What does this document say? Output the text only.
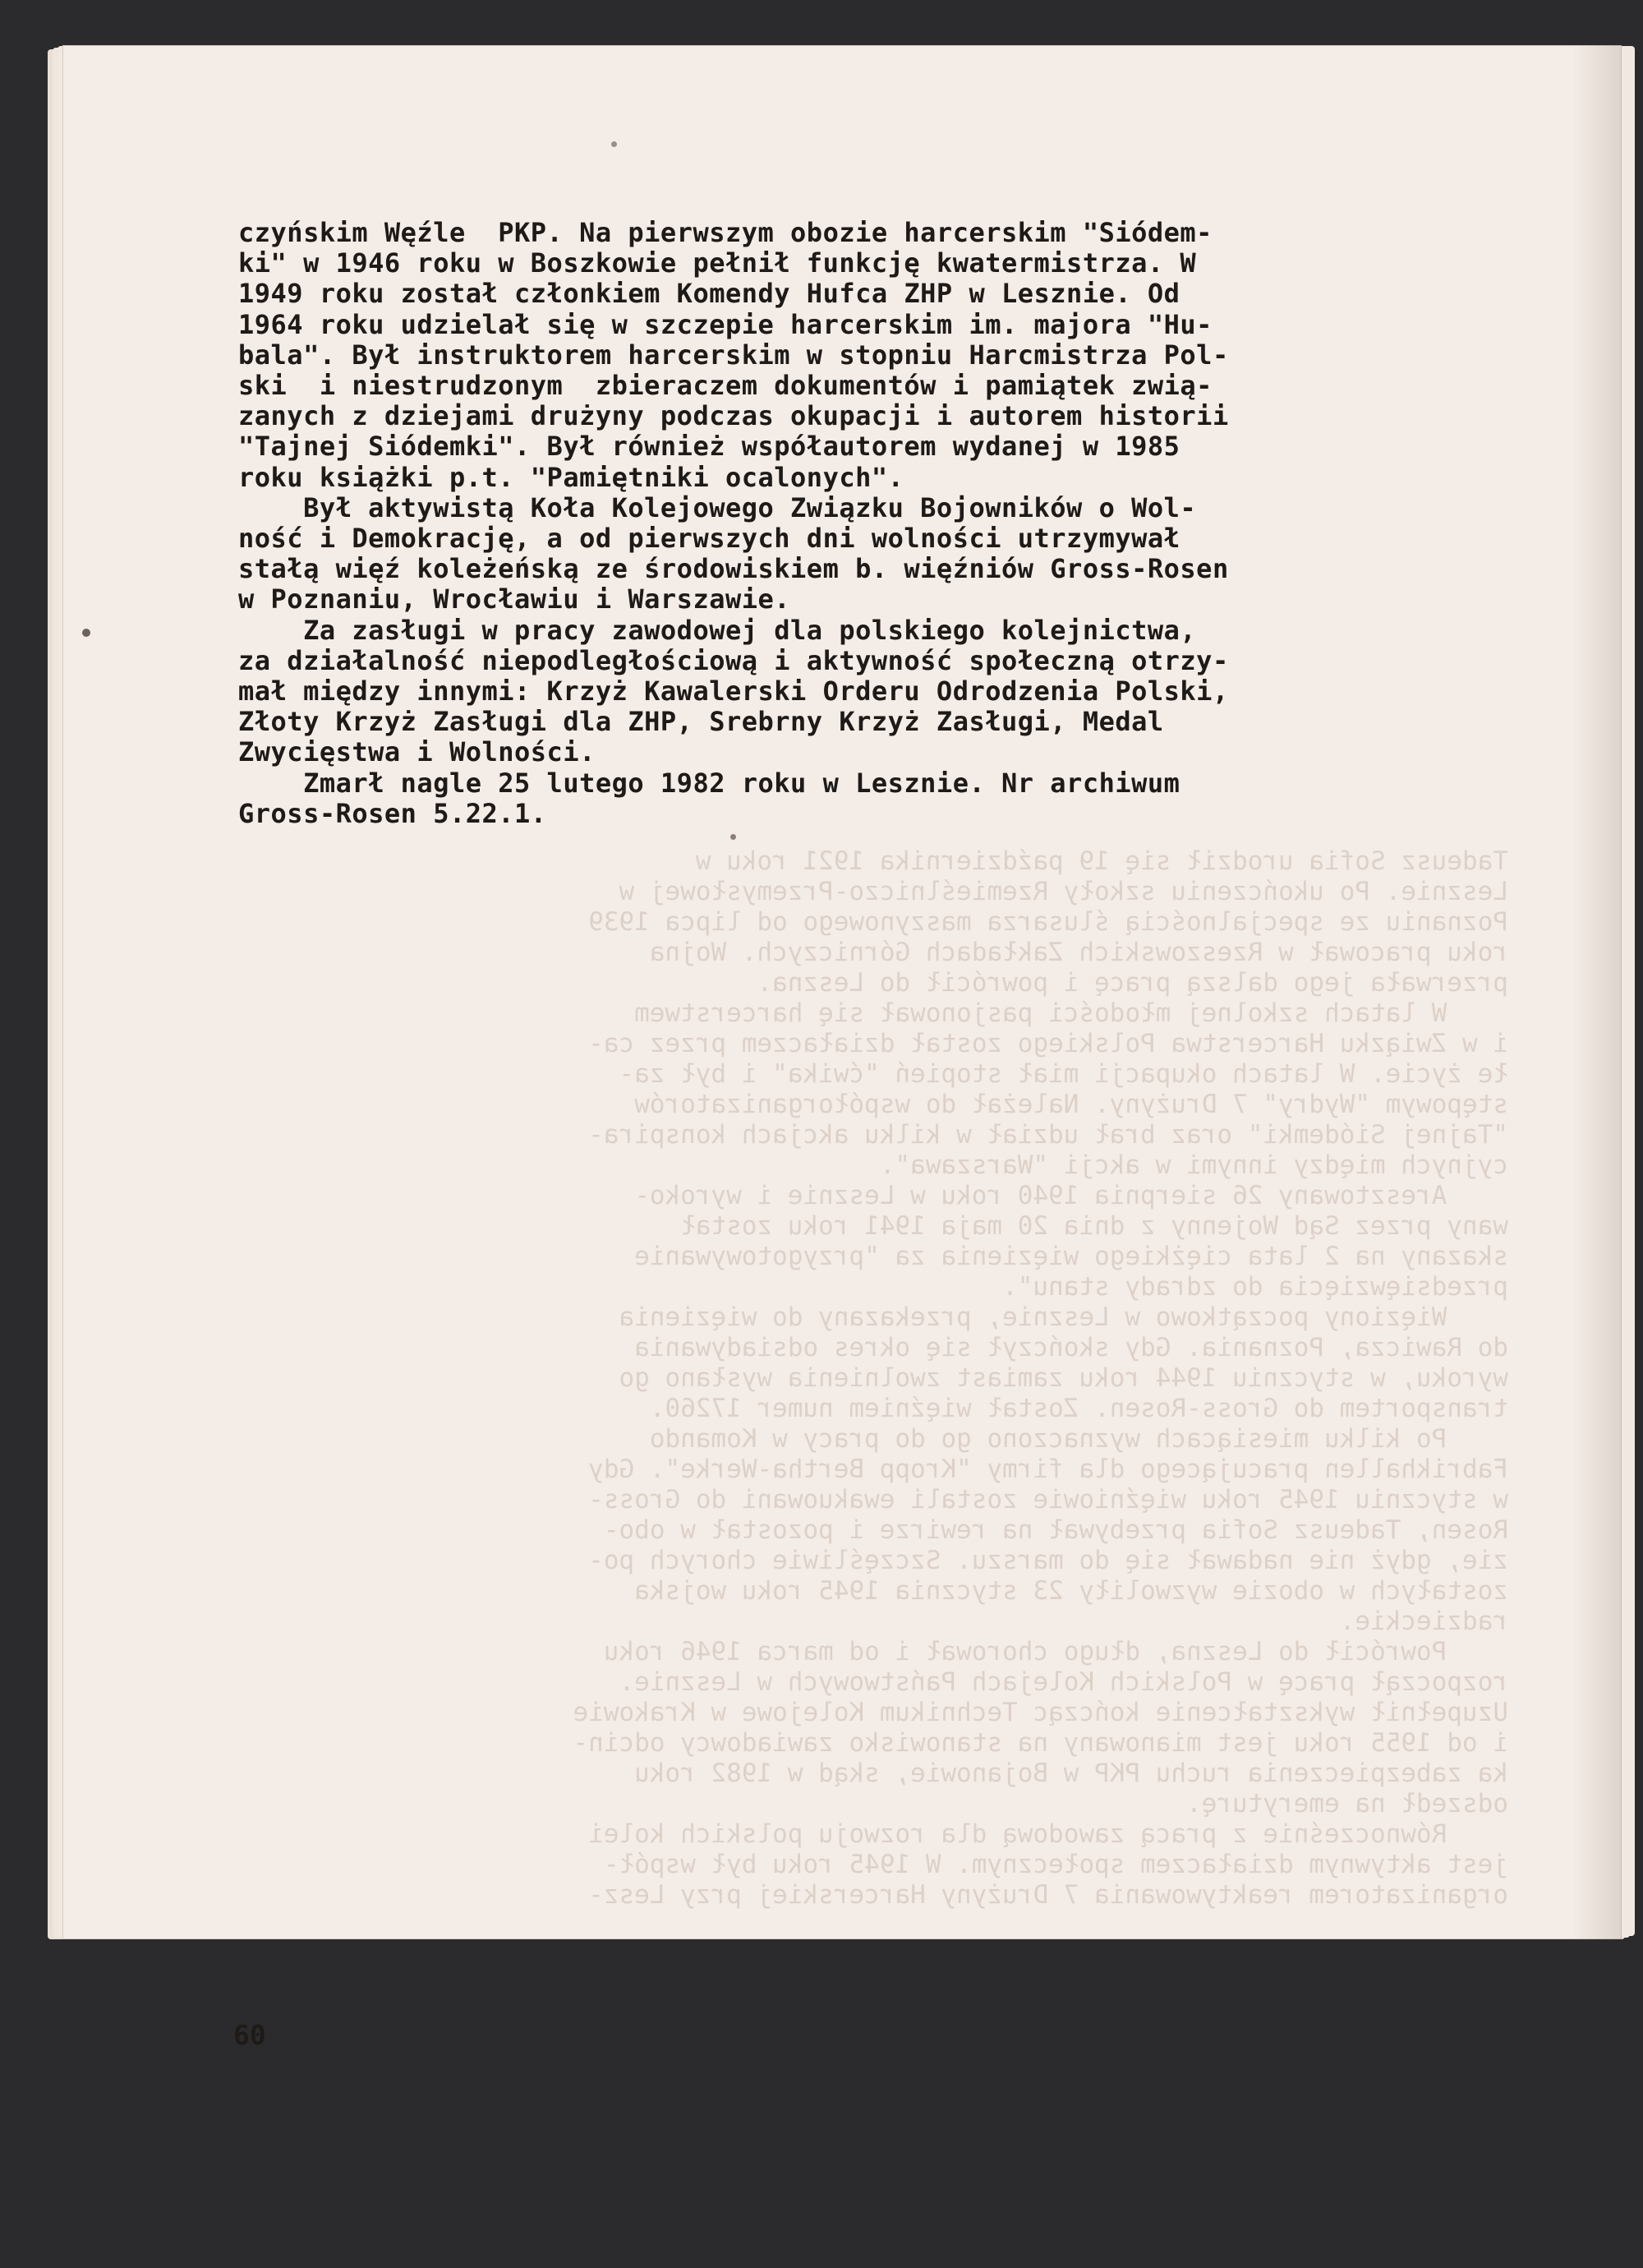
Tadeusz Sofia urodził się 19 października 1921 roku w
Lesznie. Po ukończeniu szkoły Rzemieślniczo-Przemysłowej w
Poznaniu ze specjalnością ślusarza maszynowego od lipca 1939
roku pracował w Rzeszowskich Zakładach Górniczych. Wojna
przerwała jego dalszą pracę i powrócił do Leszna.
W latach szkolnej młodości pasjonował się harcerstwem
i w Związku Harcerstwa Polskiego został działaczem przez ca-
łe życie. W latach okupacji miał stopień "ćwika" i był za-
stępowym "Wydry" 7 Drużyny. Należał do współorganizatorów
"Tajnej Siódemki" oraz brał udział w kilku akcjach konspira-
cyjnych między innymi w akcji "Warszawa".
Aresztowany 26 sierpnia 1940 roku w Lesznie i wyroko-
wany przez Sąd Wojenny z dnia 20 maja 1941 roku został
skazany na 2 lata ciężkiego więzienia za "przygotowywanie
przedsięwzięcia do zdrady stanu".
Więziony początkowo w Lesznie, przekazany do więzienia
do Rawicza, Poznania. Gdy skończył się okres odsiadywania
wyroku, w styczniu 1944 roku zamiast zwolnienia wysłano go
transportem do Gross-Rosen. Został więźniem numer 17260.
Po kilku miesiącach wyznaczono go do pracy w Komando
Fabrikhallen pracującego dla firmy "Kropp Bertha-Werke". Gdy
w styczniu 1945 roku więźniowie zostali ewakuowani do Gross-
Rosen, Tadeusz Sofia przebywał na rewirze i pozostał w obo-
zie, gdyż nie nadawał się do marszu. Szczęśliwie chorych po-
zostałych w obozie wyzwoliły 23 stycznia 1945 roku wojska
radzieckie.
Powrócił do Leszna, długo chorował i od marca 1946 roku
rozpoczął pracę w Polskich Kolejach Państwowych w Lesznie.
Uzupełnił wykształcenie kończąc Technikum Kolejowe w Krakowie
i od 1955 roku jest mianowany na stanowisko zawiadowcy odcin-
ka zabezpieczenia ruchu PKP w Bojanowie, skąd w 1982 roku
odszedł na emeryturę.
Równocześnie z pracą zawodową dla rozwoju polskich kolei
jest aktywnym działaczem społecznym. W 1945 roku był współ-
organizatorem reaktywowania 7 Drużyny Harcerskiej przy Lesz-

czyńskim Węźle  PKP. Na pierwszym obozie harcerskim "Siódem-
ki" w 1946 roku w Boszkowie pełnił funkcję kwatermistrza. W
1949 roku został członkiem Komendy Hufca ZHP w Lesznie. Od
1964 roku udzielał się w szczepie harcerskim im. majora "Hu-
bala". Był instruktorem harcerskim w stopniu Harcmistrza Pol-
ski  i niestrudzonym  zbieraczem dokumentów i pamiątek zwią-
zanych z dziejami drużyny podczas okupacji i autorem historii
"Tajnej Siódemki". Był również współautorem wydanej w 1985
roku książki p.t. "Pamiętniki ocalonych".

Był aktywistą Koła Kolejowego Związku Bojowników o Wol-
ność i Demokrację, a od pierwszych dni wolności utrzymywał
stałą więź koleżeńską ze środowiskiem b. więźniów Gross-Rosen
w Poznaniu, Wrocławiu i Warszawie.

Za zasługi w pracy zawodowej dla polskiego kolejnictwa,
za działalność niepodległościową i aktywność społeczną otrzy-
mał między innymi: Krzyż Kawalerski Orderu Odrodzenia Polski,
Złoty Krzyż Zasługi dla ZHP, Srebrny Krzyż Zasługi, Medal
Zwycięstwa i Wolności.

Zmarł nagle 25 lutego 1982 roku w Lesznie. Nr archiwum
Gross-Rosen 5.22.1.

60
